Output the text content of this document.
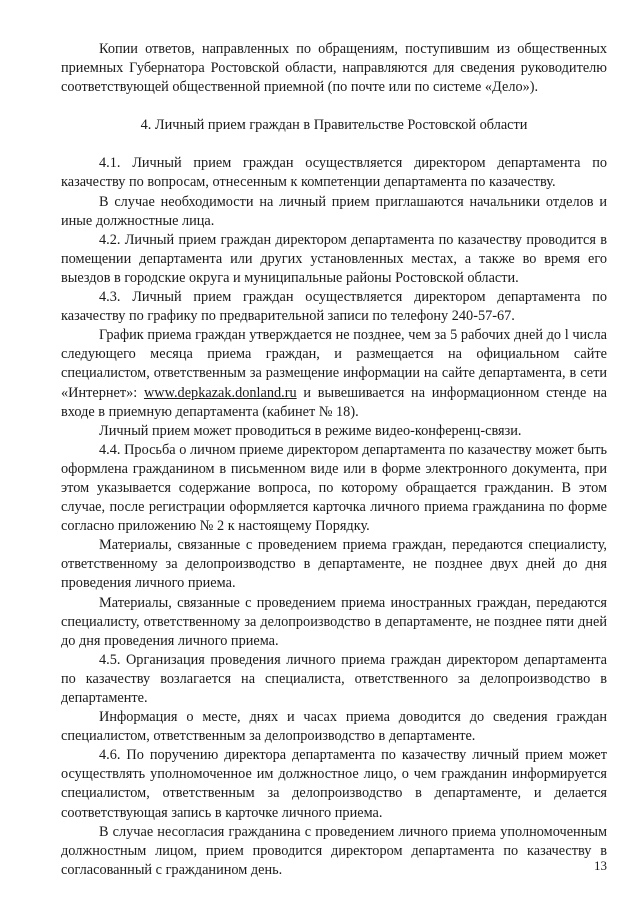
Копии ответов, направленных по обращениям, поступившим из общественных приемных Губернатора Ростовской области, направляются для сведения руководителю соответствующей общественной приемной (по почте или по системе «Дело»).

4. Личный прием граждан в Правительстве Ростовской области

4.1. Личный прием граждан осуществляется директором департамента по казачеству по вопросам, отнесенным к компетенции департамента по казачеству.

В случае необходимости на личный прием приглашаются начальники отделов и иные должностные лица.

4.2. Личный прием граждан директором департамента по казачеству проводится в помещении департамента или других установленных местах, а также во время его выездов в городские округа и муниципальные районы Ростовской области.

4.3. Личный прием граждан осуществляется директором департамента по казачеству по графику по предварительной записи по телефону 240-57-67.

График приема граждан утверждается не позднее, чем за 5 рабочих дней до l числа следующего месяца приема граждан, и размещается на официальном сайте специалистом, ответственным за размещение информации на сайте департамента, в сети «Интернет»: www.depkazak.donland.ru и вывешивается на информационном стенде на входе в приемную департамента (кабинет № 18).

Личный прием может проводиться в режиме видео-конференц-связи.

4.4. Просьба о личном приеме директором департамента по казачеству может быть оформлена гражданином в письменном виде или в форме электронного документа, при этом указывается содержание вопроса, по которому обращается гражданин. В этом случае, после регистрации оформляется карточка личного приема гражданина по форме согласно приложению № 2 к настоящему Порядку.

Материалы, связанные с проведением приема граждан, передаются специалисту, ответственному за делопроизводство в департаменте, не позднее двух дней до дня проведения личного приема.

Материалы, связанные с проведением приема иностранных граждан, передаются специалисту, ответственному за делопроизводство в департаменте, не позднее пяти дней до дня проведения личного приема.

4.5. Организация проведения личного приема граждан директором департамента по казачеству возлагается на специалиста, ответственного за делопроизводство в департаменте.

Информация о месте, днях и часах приема доводится до сведения граждан специалистом, ответственным за делопроизводство в департаменте.

4.6. По поручению директора департамента по казачеству личный прием может осуществлять уполномоченное им должностное лицо, о чем гражданин информируется специалистом, ответственным за делопроизводство в департаменте, и делается соответствующая запись в карточке личного приема.

В случае несогласия гражданина с проведением личного приема уполномоченным должностным лицом, прием проводится директором департамента по казачеству в согласованный с гражданином день.	13
